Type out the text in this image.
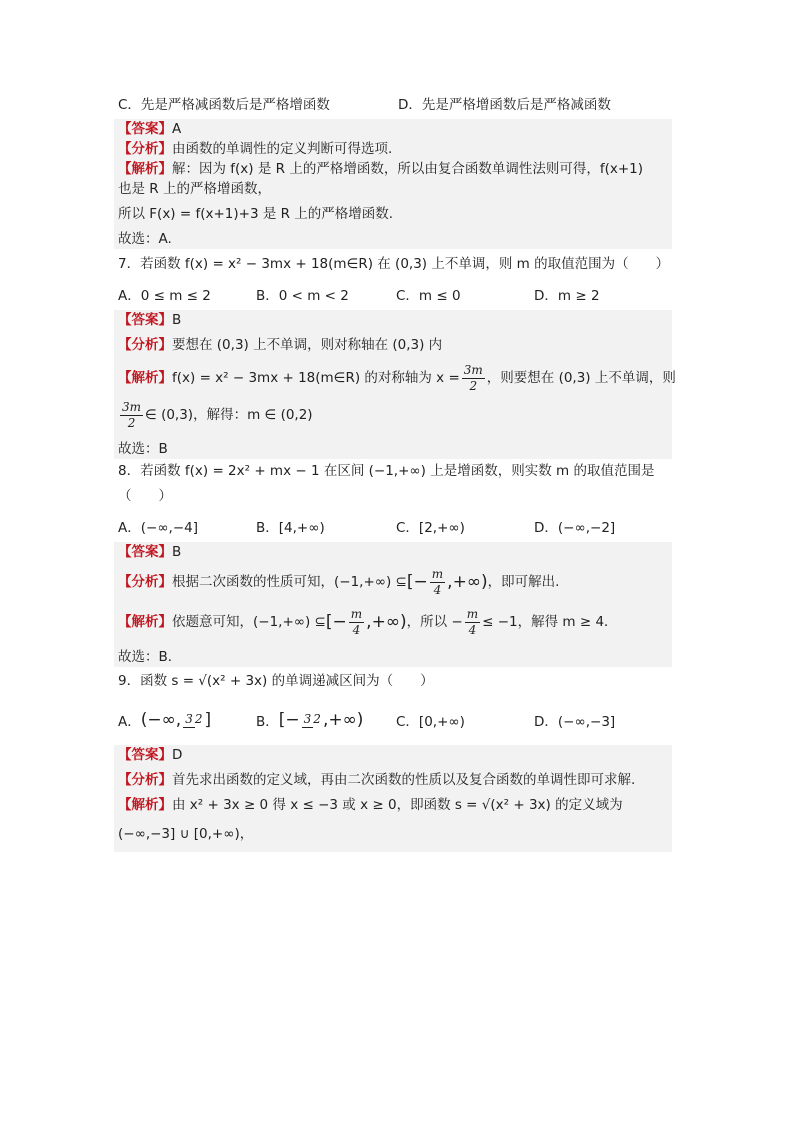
C．先是严格减函数后是严格增函数	D．先是严格增函数后是严格减函数
【答案】A
【分析】由函数的单调性的定义判断可得选项.
【解析】解：因为 f(x) 是 R 上的严格增函数，所以由复合函数单调性法则可得，f(x+1)
也是 R 上的严格增函数，
所以 F(x) = f(x+1)+3 是 R 上的严格增函数.
故选：A.
7．若函数 f(x) = x² − 3mx + 18(m∈R) 在 (0,3) 上不单调，则 m 的取值范围为（　　）
A．0 ≤ m ≤ 2	B．0 < m < 2	C．m ≤ 0	D．m ≥ 2
【答案】B
【分析】要想在 (0,3) 上不单调，则对称轴在 (0,3) 内
【解析】 f(x) = x² − 3mx + 18(m∈R) 的对称轴为 $x = \frac{3m}{2}$ ，则要想在 (0,3) 上不单调，则
$\frac{3m}{2}$ ∈ (0,3)，解得：m ∈ (0,2)
故选：B
8．若函数 f(x) = 2x² + mx − 1 在区间 (−1,+∞) 上是增函数，则实数 m 的取值范围是
（　　）
A．(−∞,−4]	B．[4,+∞)	C．[2,+∞)	D．(−∞,−2]
【答案】B
【分析】 根据二次函数的性质可知，(−1,+∞) ⊆ [− $\frac{m}{4}$ ,+∞) ，即可解出.
【解析】 依题意可知，(−1,+∞) ⊆ [− $\frac{m}{4}$ ,+∞) ，所以 − $\frac{m}{4} \le -1$，解得 m ≥ 4．
故选：B．
9．函数 s = √(x² + 3x) 的单调递减区间为（　　）
A． (−∞, 3 2 ]	B． [− 3 2 ,+∞) C．[0,+∞)	D．(−∞,−3]
【答案】D
【分析】首先求出函数的定义域，再由二次函数的性质以及复合函数的单调性即可求解.
【解析】由 x² + 3x ≥ 0 得 x ≤ −3 或 x ≥ 0，即函数 s = √(x² + 3x) 的定义域为
(−∞,−3] ∪ [0,+∞)，
